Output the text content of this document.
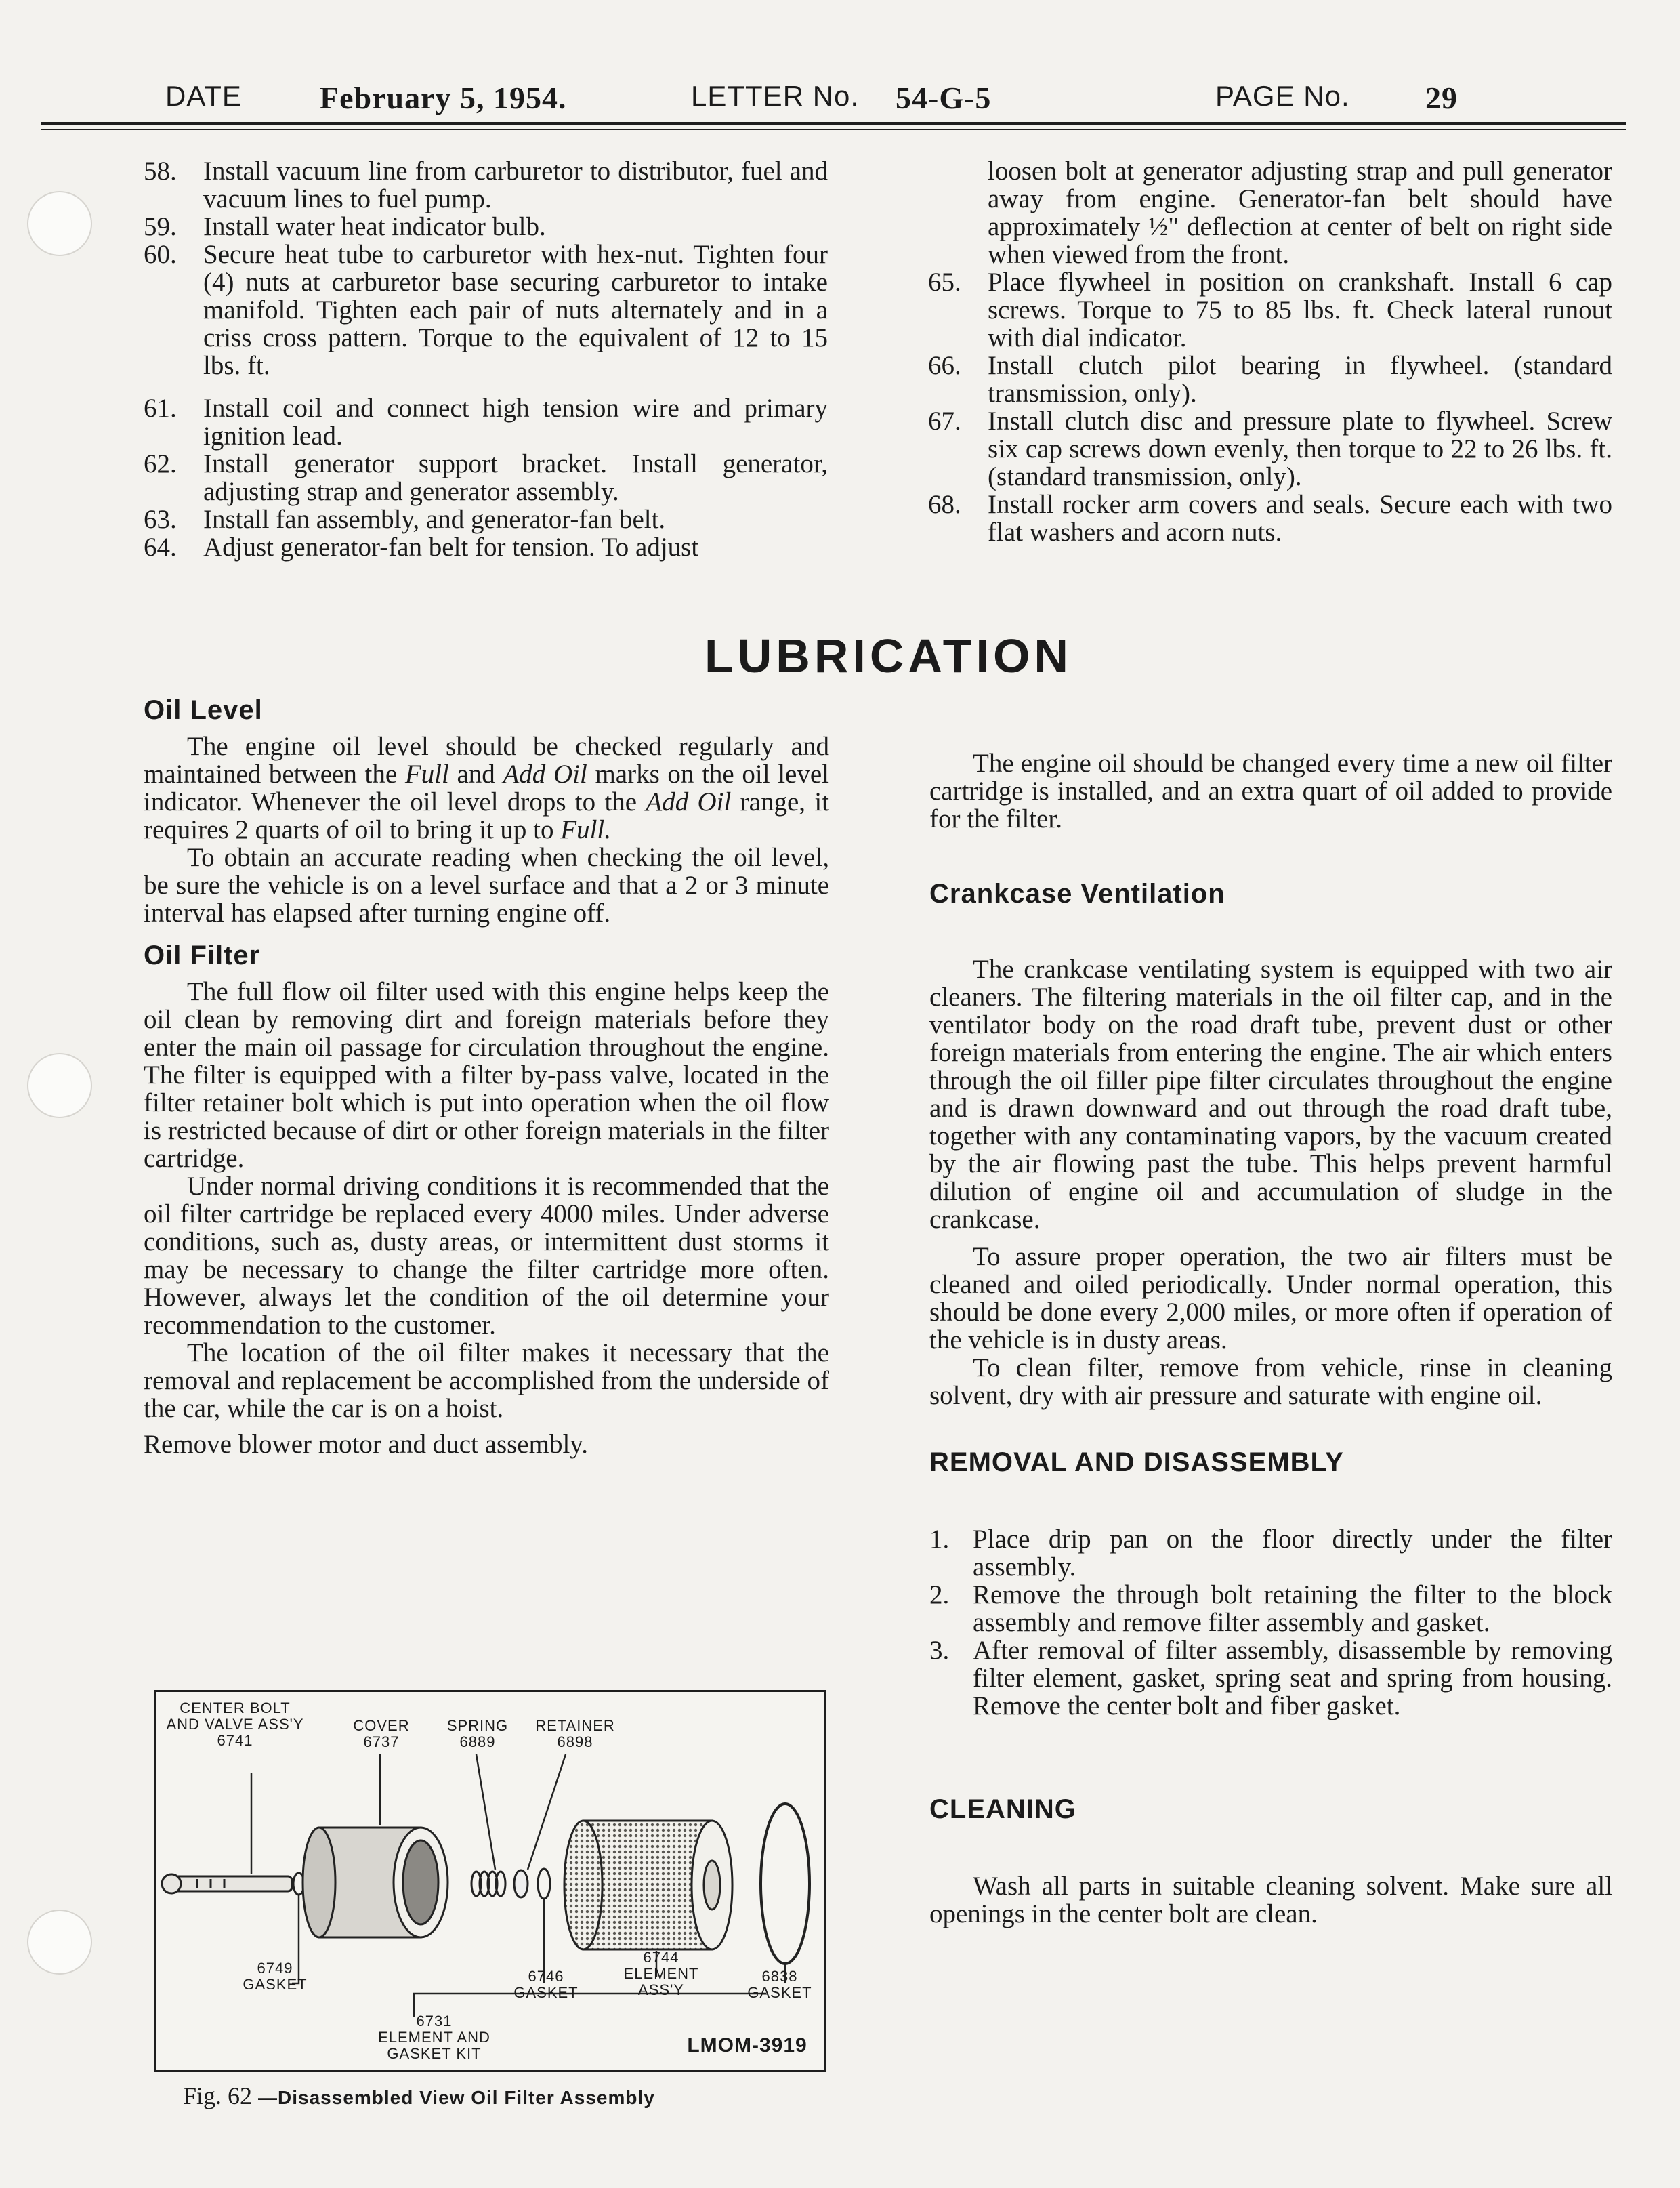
DATE	February 5, 1954.	LETTER No. 54-G-5	PAGE No. 29
58. Install vacuum line from carburetor to distributor, fuel and vacuum lines to fuel pump.
59. Install water heat indicator bulb.
60. Secure heat tube to carburetor with hex-nut. Tighten four (4) nuts at carburetor base securing carburetor to intake manifold. Tighten each pair of nuts alternately and in a criss cross pattern. Torque to the equivalent of 12 to 15 lbs. ft.
61. Install coil and connect high tension wire and primary ignition lead.
62. Install generator support bracket. Install generator, adjusting strap and generator assembly.
63. Install fan assembly, and generator-fan belt.
64. Adjust generator-fan belt for tension. To adjust

loosen bolt at generator adjusting strap and pull generator away from engine. Generator-fan belt should have approximately ½" deflection at center of belt on right side when viewed from the front.

65. Place flywheel in position on crankshaft. Install 6 cap screws. Torque to 75 to 85 lbs. ft. Check lateral runout with dial indicator.
66. Install clutch pilot bearing in flywheel. (standard transmission, only).
67. Install clutch disc and pressure plate to flywheel. Screw six cap screws down evenly, then torque to 22 to 26 lbs. ft. (standard transmission, only).
68. Install rocker arm covers and seals. Secure each with two flat washers and acorn nuts.
LUBRICATION
Oil Level

The engine oil level should be checked regularly and maintained between the Full and Add Oil marks on the oil level indicator. Whenever the oil level drops to the Add Oil range, it requires 2 quarts of oil to bring it up to Full.

To obtain an accurate reading when checking the oil level, be sure the vehicle is on a level surface and that a 2 or 3 minute interval has elapsed after turning engine off.

Oil Filter

The full flow oil filter used with this engine helps keep the oil clean by removing dirt and foreign materials before they enter the main oil passage for circulation throughout the engine. The filter is equipped with a filter by-pass valve, located in the filter retainer bolt which is put into operation when the oil flow is restricted because of dirt or other foreign materials in the filter cartridge.

Under normal driving conditions it is recommended that the oil filter cartridge be replaced every 4000 miles. Under adverse conditions, such as, dusty areas, or intermittent dust storms it may be necessary to change the filter cartridge more often. However, always let the condition of the oil determine your recommendation to the customer.

The location of the oil filter makes it necessary that the removal and replacement be accomplished from the underside of the car, while the car is on a hoist.

Remove blower motor and duct assembly.

The engine oil should be changed every time a new oil filter cartridge is installed, and an extra quart of oil added to provide for the filter.

Crankcase Ventilation

The crankcase ventilating system is equipped with two air cleaners. The filtering materials in the oil filter cap, and in the ventilator body on the road draft tube, prevent dust or other foreign materials from entering the engine. The air which enters through the oil filler pipe filter circulates throughout the engine and is drawn downward and out through the road draft tube, together with any contaminating vapors, by the vacuum created by the air flowing past the tube. This helps prevent harmful dilution of engine oil and accumulation of sludge in the crankcase.

To assure proper operation, the two air filters must be cleaned and oiled periodically. Under normal operation, this should be done every 2,000 miles, or more often if operation of the vehicle is in dusty areas.

To clean filter, remove from vehicle, rinse in cleaning solvent, dry with air pressure and saturate with engine oil.

REMOVAL AND DISASSEMBLY
1. Place drip pan on the floor directly under the filter assembly.
2. Remove the through bolt retaining the filter to the block assembly and remove filter assembly and gasket.
3. After removal of filter assembly, disassemble by removing filter element, gasket, spring seat and spring from housing. Remove the center bolt and fiber gasket.
CLEANING

Wash all parts in suitable cleaning solvent. Make sure all openings in the center bolt are clean.

CENTER BOLT
AND VALVE ASS'Y
6741
COVER
6737
SPRING
6889
RETAINER
6898
6749
GASKET	6746
GASKET
6744
ELEMENT
ASS'Y
6838
GASKET
6731
ELEMENT AND
GASKET KIT	LMOM-3919
Fig. 62 —Disassembled View Oil Filter Assembly
